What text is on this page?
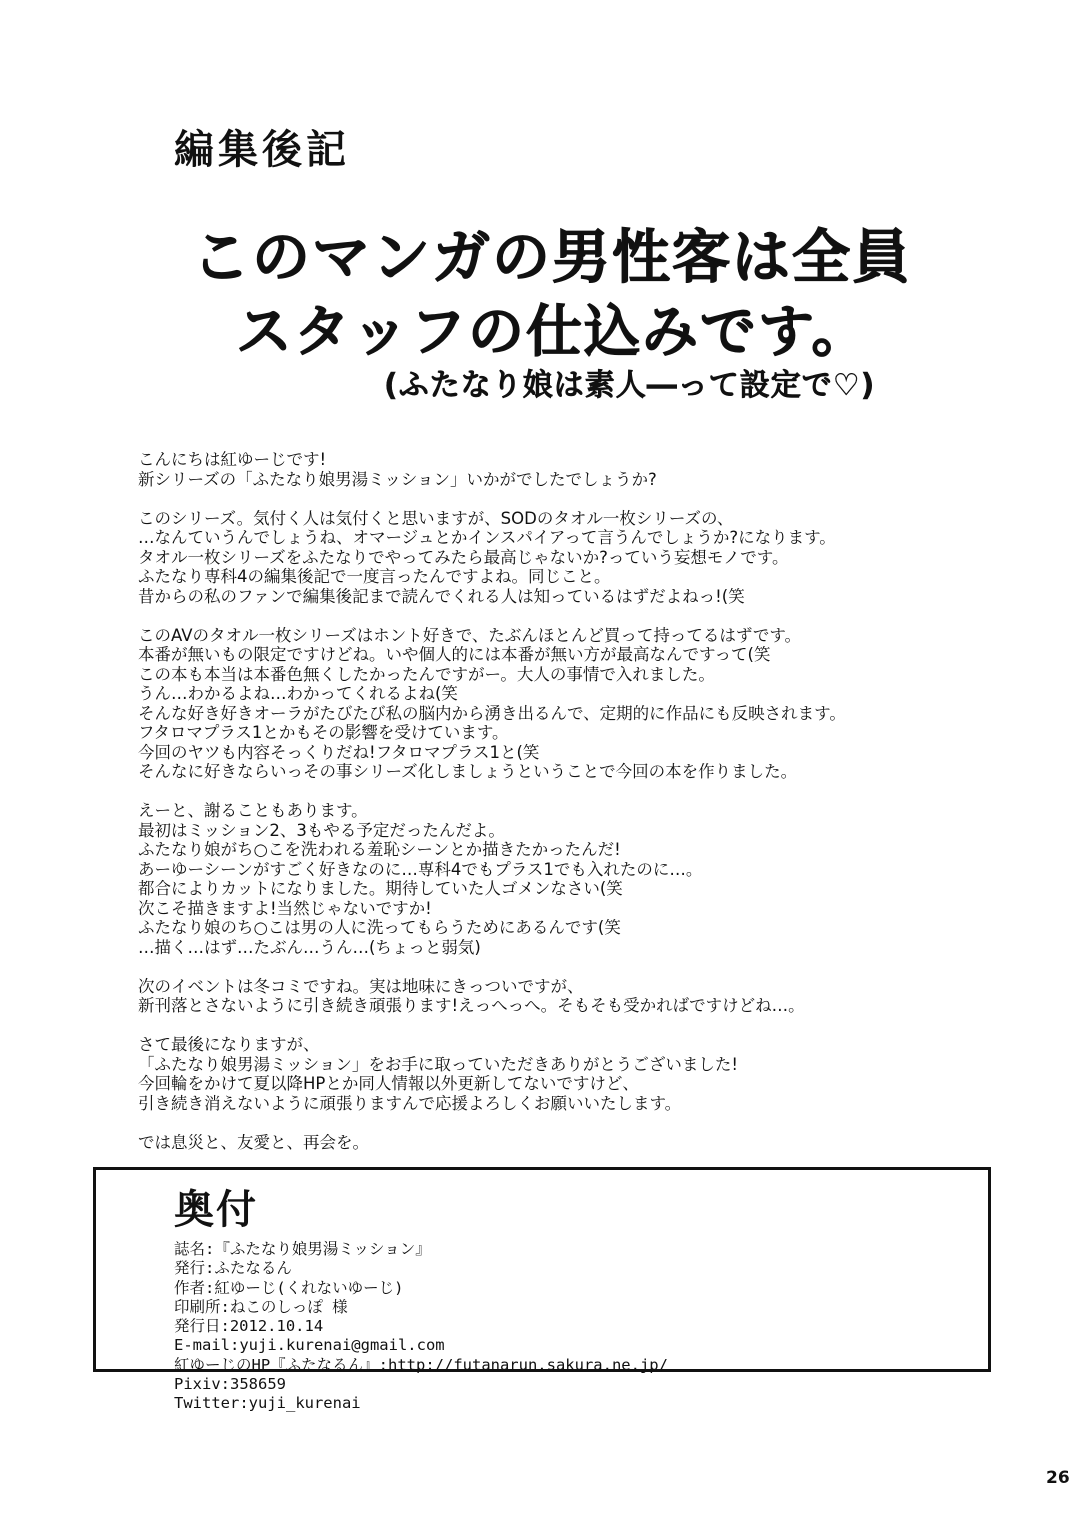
編集後記
このマンガの男性客は全員
スタッフの仕込みです。
(ふたなり娘は素人―って設定で♡)

こんにちは紅ゆーじです!
新シリーズの「ふたなり娘男湯ミッション」いかがでしたでしょうか?

このシリーズ。気付く人は気付くと思いますが、SODのタオル一枚シリーズの、
…なんていうんでしょうね、オマージュとかインスパイアって言うんでしょうか?になります。
タオル一枚シリーズをふたなりでやってみたら最高じゃないか?っていう妄想モノです。
ふたなり専科4の編集後記で一度言ったんですよね。同じこと。
昔からの私のファンで編集後記まで読んでくれる人は知っているはずだよねっ!(笑

このAVのタオル一枚シリーズはホント好きで、たぶんほとんど買って持ってるはずです。
本番が無いもの限定ですけどね。いや個人的には本番が無い方が最高なんですって(笑
この本も本当は本番色無くしたかったんですがー。大人の事情で入れました。
うん…わかるよね…わかってくれるよね(笑
そんな好き好きオーラがたびたび私の脳内から湧き出るんで、定期的に作品にも反映されます。
フタロマプラス1とかもその影響を受けています。
今回のヤツも内容そっくりだね!フタロマプラス1と(笑
そんなに好きならいっその事シリーズ化しましょうということで今回の本を作りました。

えーと、謝ることもあります。
最初はミッション2、3もやる予定だったんだよ。
ふたなり娘がち○こを洗われる羞恥シーンとか描きたかったんだ!
あーゆーシーンがすごく好きなのに…専科4でもプラス1でも入れたのに…。
都合によりカットになりました。期待していた人ゴメンなさい(笑
次こそ描きますよ!当然じゃないですか!
ふたなり娘のち○こは男の人に洗ってもらうためにあるんです(笑
…描く…はず…たぶん…うん…(ちょっと弱気)

次のイベントは冬コミですね。実は地味にきっついですが、
新刊落とさないように引き続き頑張ります!えっへっへ。そもそも受かればですけどね…。

さて最後になりますが、
「ふたなり娘男湯ミッション」をお手に取っていただきありがとうございました!
今回輪をかけて夏以降HPとか同人情報以外更新してないですけど、
引き続き消えないように頑張りますんで応援よろしくお願いいたします。

では息災と、友愛と、再会を。

奥付
誌名:『ふたなり娘男湯ミッション』
発行:ふたなるん
作者:紅ゆーじ(くれないゆーじ)
印刷所:ねこのしっぽ 様
発行日:2012.10.14
E-mail:yuji.kurenai@gmail.com
紅ゆーじのHP『ふたなるん』:http://futanarun.sakura.ne.jp/
Pixiv:358659
Twitter:yuji_kurenai
26
